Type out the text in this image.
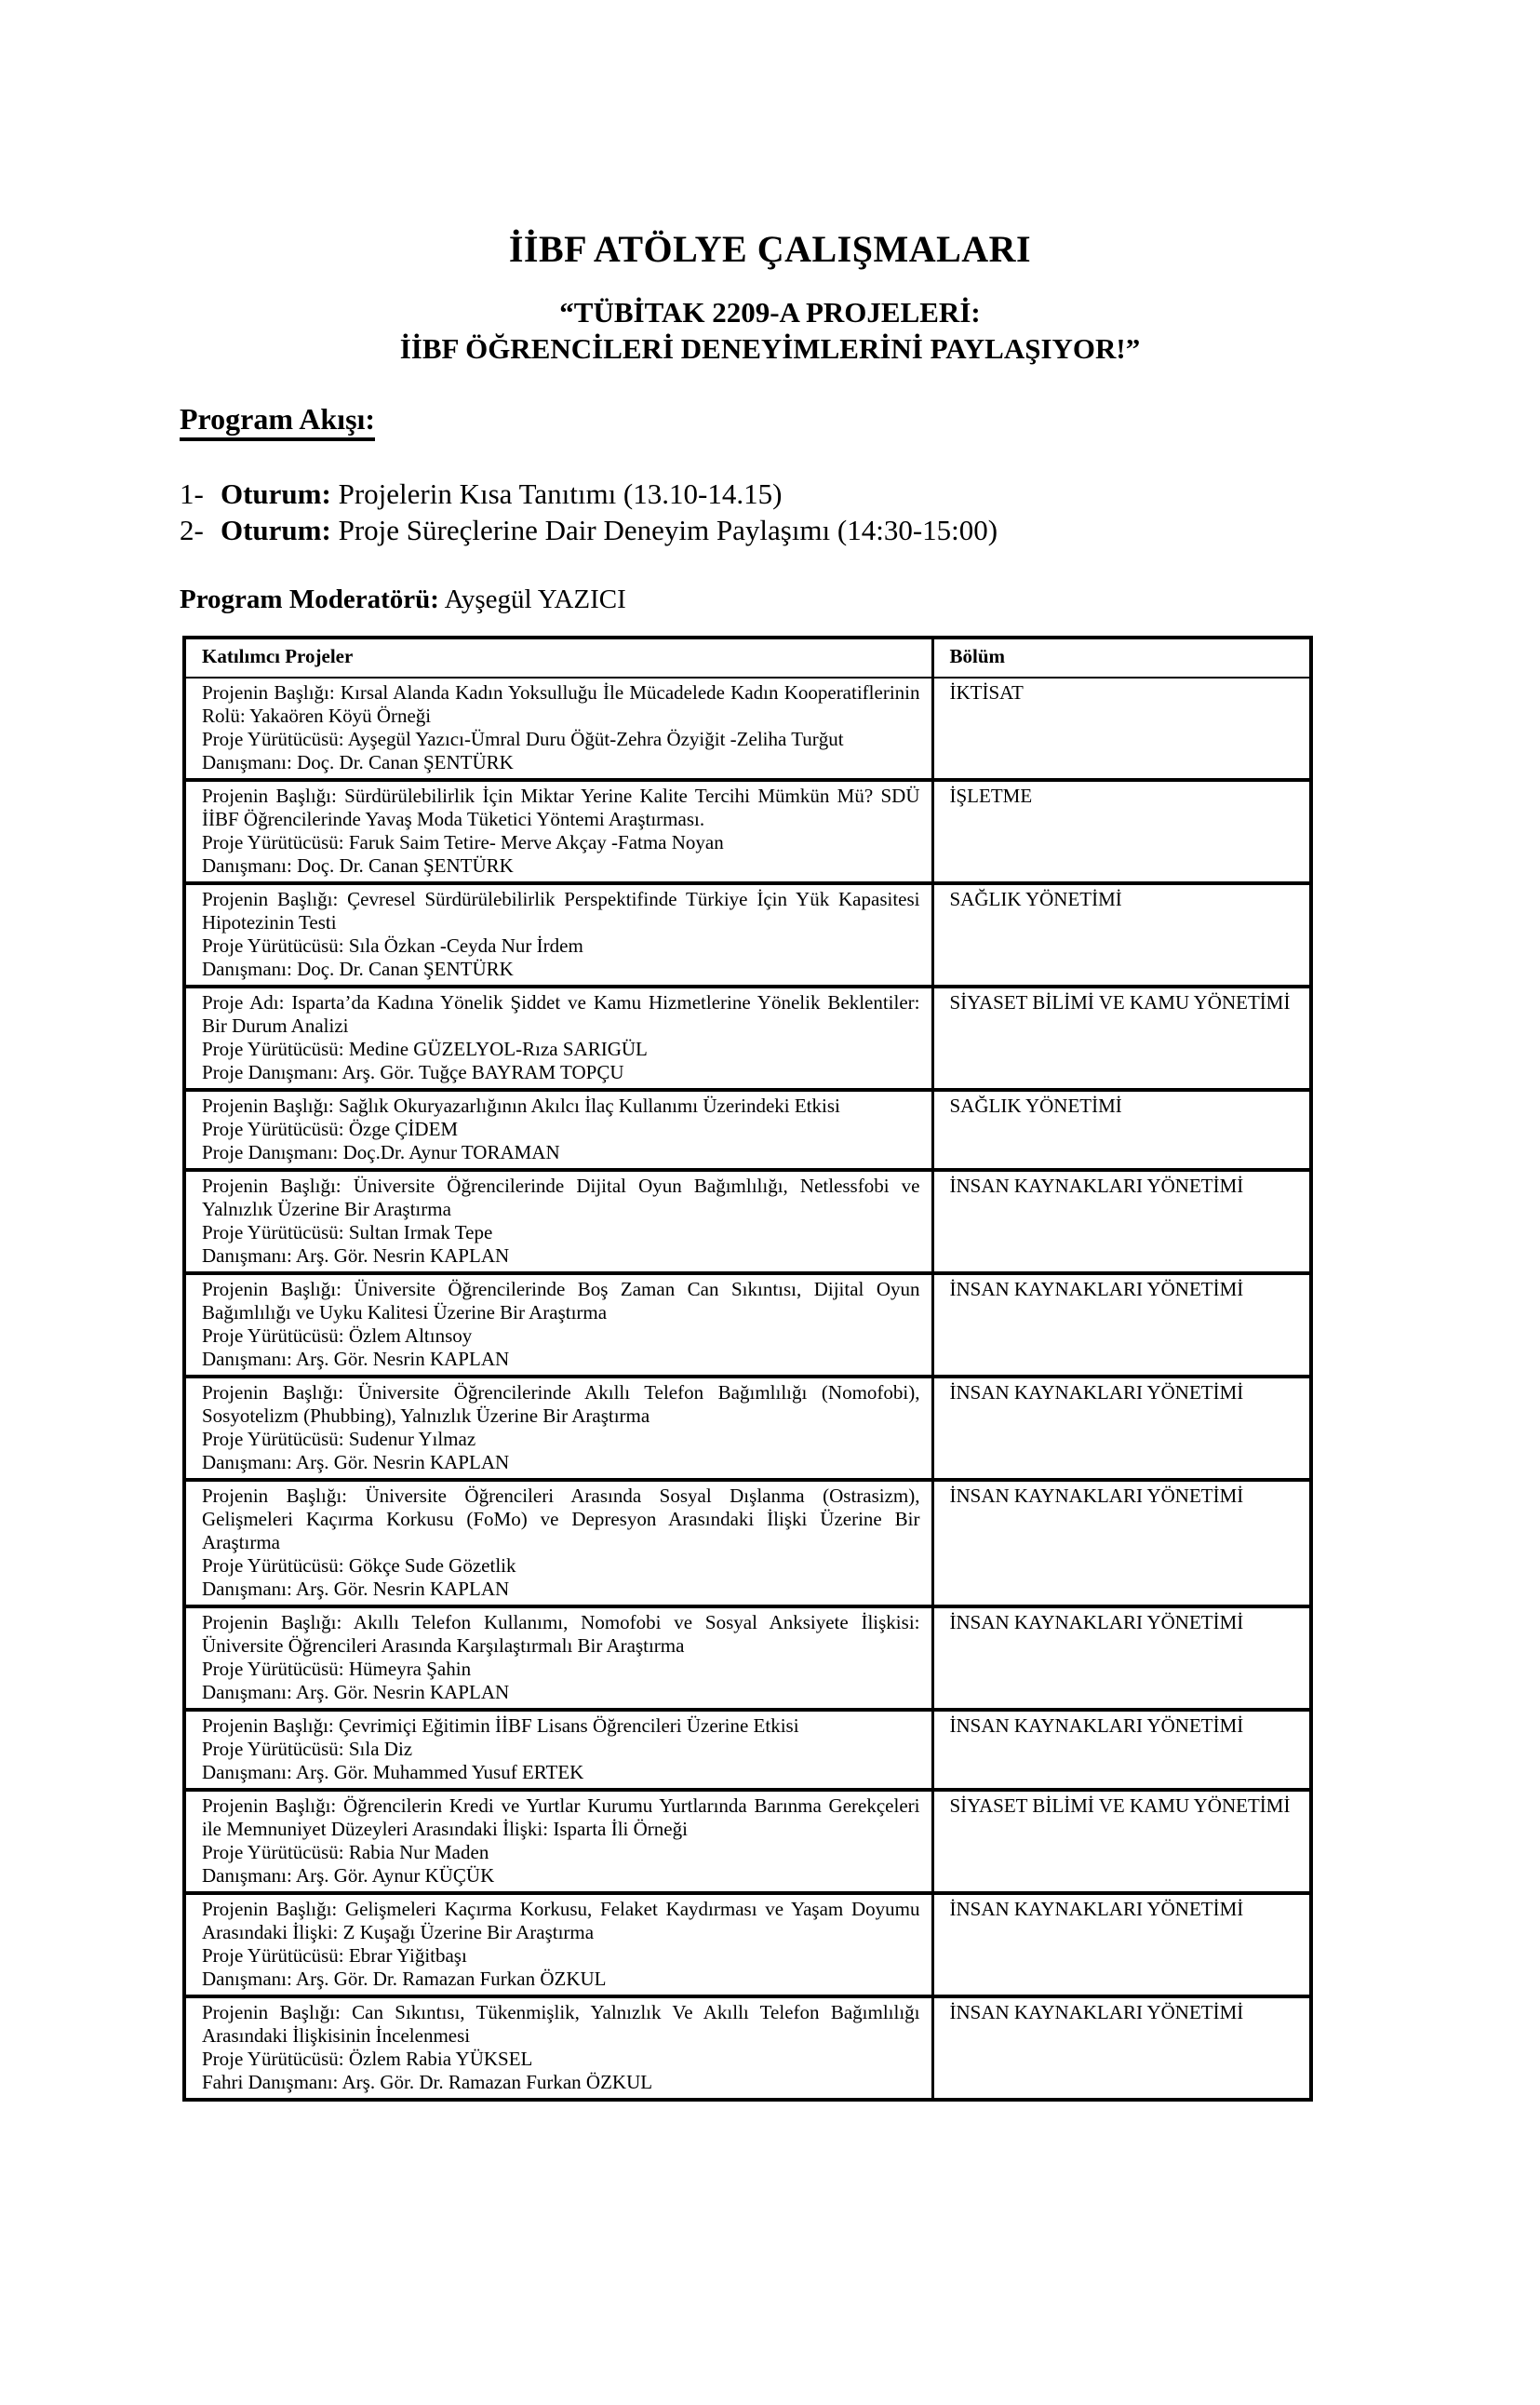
İİBF ATÖLYE ÇALIŞMALARI
“TÜBİTAK 2209-A PROJELERİ:
İİBF ÖĞRENCİLERİ DENEYİMLERİNİ PAYLAŞIYOR!”
Program Akışı:
1- Oturum: Projelerin Kısa Tanıtımı (13.10-14.15)
2- Oturum: Proje Süreçlerine Dair Deneyim Paylaşımı (14:30-15:00)
Program Moderatörü: Ayşegül YAZICI
Katılımcı Projeler	Bölüm

Projenin Başlığı: Kırsal Alanda Kadın Yoksulluğu İle Mücadelede Kadın Kooperatiflerinin Rolü: Yakaören Köyü Örneği
Proje Yürütücüsü: Ayşegül Yazıcı-Ümral Duru Öğüt-Zehra Özyiğit -Zeliha Turğut
Danışmanı: Doç. Dr. Canan ŞENTÜRK	İKTİSAT

Projenin Başlığı: Sürdürülebilirlik İçin Miktar Yerine Kalite Tercihi Mümkün Mü? SDÜ İİBF Öğrencilerinde Yavaş Moda Tüketici Yöntemi Araştırması.
Proje Yürütücüsü: Faruk Saim Tetire- Merve Akçay -Fatma Noyan
Danışmanı: Doç. Dr. Canan ŞENTÜRK	İŞLETME

Projenin Başlığı: Çevresel Sürdürülebilirlik Perspektifinde Türkiye İçin Yük Kapasitesi Hipotezinin Testi
Proje Yürütücüsü: Sıla Özkan -Ceyda Nur İrdem
Danışmanı: Doç. Dr. Canan ŞENTÜRK	SAĞLIK YÖNETİMİ

Proje Adı: Isparta’da Kadına Yönelik Şiddet ve Kamu Hizmetlerine Yönelik Beklentiler: Bir Durum Analizi
Proje Yürütücüsü: Medine GÜZELYOL-Rıza SARIGÜL
Proje Danışmanı: Arş. Gör. Tuğçe BAYRAM TOPÇU	SİYASET BİLİMİ VE KAMU YÖNETİMİ

Projenin Başlığı: Sağlık Okuryazarlığının Akılcı İlaç Kullanımı Üzerindeki Etkisi
Proje Yürütücüsü: Özge ÇİDEM
Proje Danışmanı: Doç.Dr. Aynur TORAMAN	SAĞLIK YÖNETİMİ

Projenin Başlığı: Üniversite Öğrencilerinde Dijital Oyun Bağımlılığı, Netlessfobi ve Yalnızlık Üzerine Bir Araştırma
Proje Yürütücüsü: Sultan Irmak Tepe
Danışmanı: Arş. Gör. Nesrin KAPLAN	İNSAN KAYNAKLARI YÖNETİMİ

Projenin Başlığı: Üniversite Öğrencilerinde Boş Zaman Can Sıkıntısı, Dijital Oyun Bağımlılığı ve Uyku Kalitesi Üzerine Bir Araştırma
Proje Yürütücüsü: Özlem Altınsoy
Danışmanı: Arş. Gör. Nesrin KAPLAN	İNSAN KAYNAKLARI YÖNETİMİ

Projenin Başlığı: Üniversite Öğrencilerinde Akıllı Telefon Bağımlılığı (Nomofobi), Sosyotelizm (Phubbing), Yalnızlık Üzerine Bir Araştırma
Proje Yürütücüsü: Sudenur Yılmaz
Danışmanı: Arş. Gör. Nesrin KAPLAN	İNSAN KAYNAKLARI YÖNETİMİ

Projenin Başlığı: Üniversite Öğrencileri Arasında Sosyal Dışlanma (Ostrasizm), Gelişmeleri Kaçırma Korkusu (FoMo) ve Depresyon Arasındaki İlişki Üzerine Bir Araştırma
Proje Yürütücüsü: Gökçe Sude Gözetlik
Danışmanı: Arş. Gör. Nesrin KAPLAN	İNSAN KAYNAKLARI YÖNETİMİ

Projenin Başlığı: Akıllı Telefon Kullanımı, Nomofobi ve Sosyal Anksiyete İlişkisi: Üniversite Öğrencileri Arasında Karşılaştırmalı Bir Araştırma
Proje Yürütücüsü: Hümeyra Şahin
Danışmanı: Arş. Gör. Nesrin KAPLAN	İNSAN KAYNAKLARI YÖNETİMİ

Projenin Başlığı: Çevrimiçi Eğitimin İİBF Lisans Öğrencileri Üzerine Etkisi
Proje Yürütücüsü: Sıla Diz
Danışmanı: Arş. Gör. Muhammed Yusuf ERTEK	İNSAN KAYNAKLARI YÖNETİMİ

Projenin Başlığı: Öğrencilerin Kredi ve Yurtlar Kurumu Yurtlarında Barınma Gerekçeleri ile Memnuniyet Düzeyleri Arasındaki İlişki: Isparta İli Örneği
Proje Yürütücüsü: Rabia Nur Maden
Danışmanı: Arş. Gör. Aynur KÜÇÜK	SİYASET BİLİMİ VE KAMU YÖNETİMİ

Projenin Başlığı: Gelişmeleri Kaçırma Korkusu, Felaket Kaydırması ve Yaşam Doyumu Arasındaki İlişki: Z Kuşağı Üzerine Bir Araştırma
Proje Yürütücüsü: Ebrar Yiğitbaşı
Danışmanı: Arş. Gör. Dr. Ramazan Furkan ÖZKUL	İNSAN KAYNAKLARI YÖNETİMİ

Projenin Başlığı: Can Sıkıntısı, Tükenmişlik, Yalnızlık Ve Akıllı Telefon Bağımlılığı Arasındaki İlişkisinin İncelenmesi
Proje Yürütücüsü: Özlem Rabia YÜKSEL
Fahri Danışmanı: Arş. Gör. Dr. Ramazan Furkan ÖZKUL	İNSAN KAYNAKLARI YÖNETİMİ
